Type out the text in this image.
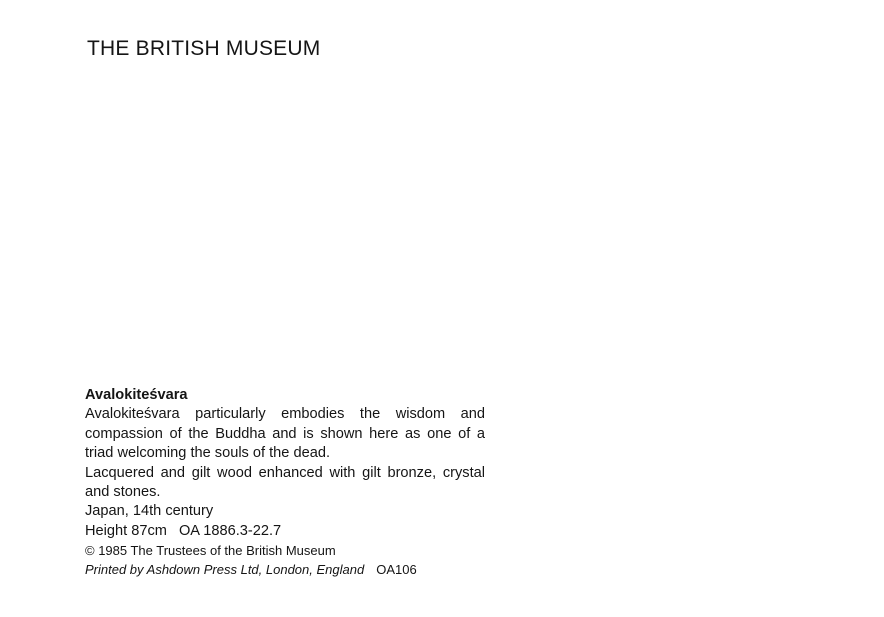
THE BRITISH MUSEUM

Avalokiteśvara

Avalokiteśvara particularly embodies the wisdom and compassion of the Buddha and is shown here as one of a triad welcoming the souls of the dead.

Lacquered and gilt wood enhanced with gilt bronze, crystal and stones.

Japan, 14th century

Height 87cm OA 1886.3-22.7

© 1985 The Trustees of the British Museum

Printed by Ashdown Press Ltd, London, England OA106
